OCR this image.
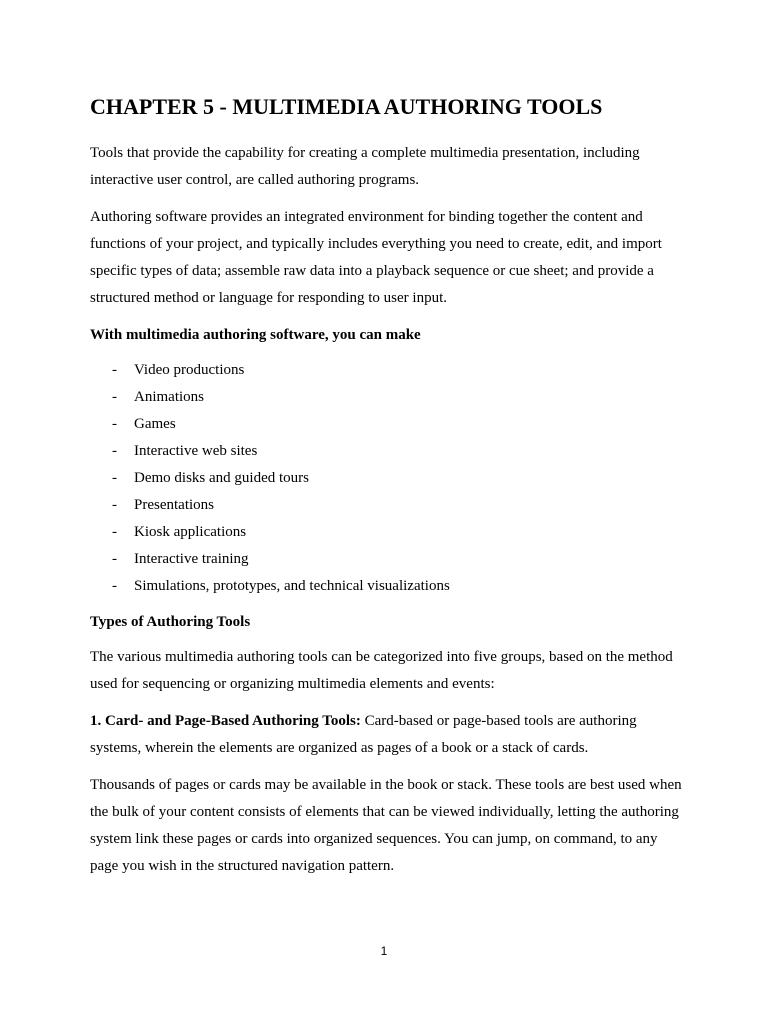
CHAPTER 5 - MULTIMEDIA AUTHORING TOOLS

Tools that provide the capability for creating a complete multimedia presentation, including interactive user control, are called authoring programs.

Authoring software provides an integrated environment for binding together the content and functions of your project, and typically includes everything you need to create, edit, and import specific types of data; assemble raw data into a playback sequence or cue sheet; and provide a structured method or language for responding to user input.

With multimedia authoring software, you can make

-	Video productions
-	Animations
-	Games
-	Interactive web sites
-	Demo disks and guided tours
-	Presentations
-	Kiosk applications
-	Interactive training
-	Simulations, prototypes, and technical visualizations

Types of Authoring Tools

The various multimedia authoring tools can be categorized into five groups, based on the method used for sequencing or organizing multimedia elements and events:

1. Card- and Page-Based Authoring Tools: Card-based or page-based tools are authoring systems, wherein the elements are organized as pages of a book or a stack of cards.

Thousands of pages or cards may be available in the book or stack. These tools are best used when the bulk of your content consists of elements that can be viewed individually, letting the authoring system link these pages or cards into organized sequences. You can jump, on command, to any page you wish in the structured navigation pattern.

1
